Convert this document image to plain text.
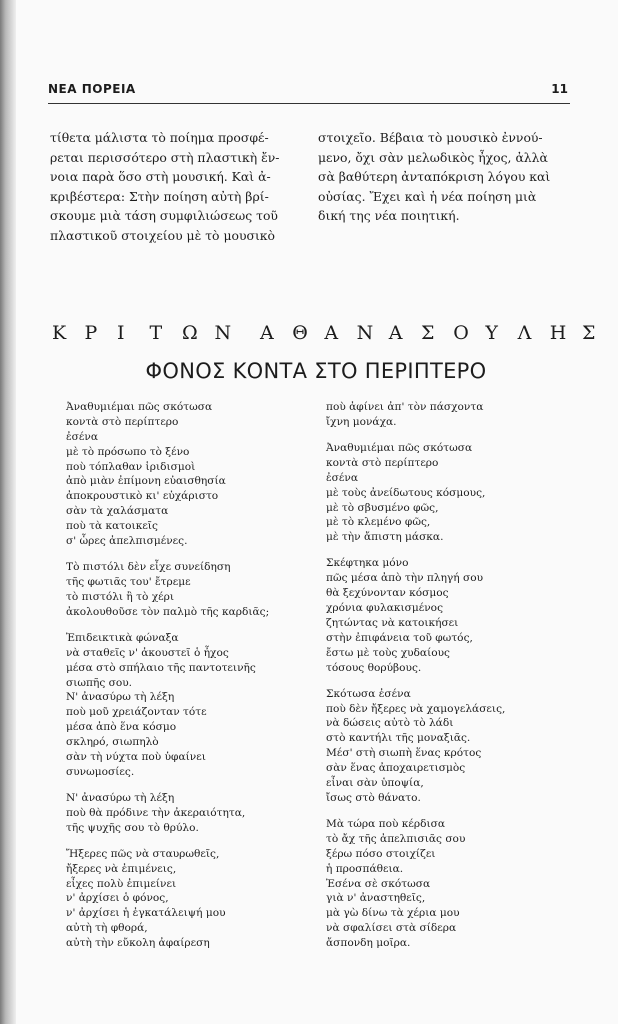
ΝΕΑ ΠΟΡΕΙΑ	11
τίθετα μάλιστα τὸ ποίημα προσφέ-
ρεται περισσότερο στὴ πλαστικὴ ἔν-
νοια παρὰ ὅσο στὴ μουσική. Καὶ ἀ-
κριβέστερα: Στὴν ποίηση αὐτὴ βρί-
σκουμε μιὰ τάση συμφιλιώσεως τοῦ
πλαστικοῦ στοιχείου μὲ τὸ μουσικὸ
στοιχεῖο. Βέβαια τὸ μουσικὸ ἐννού-
μενο, ὄχι σὰν μελωδικὸς ἦχος, ἀλλὰ
σὰ βαθύτερη ἀνταπόκριση λόγου καὶ
οὐσίας. Ἔχει καὶ ἡ νέα ποίηση μιὰ
δική της νέα ποιητική.
Κ Ρ Ι Τ Ω Ν Α Θ Α Ν Α Σ Ο Υ Λ Η Σ
ΦΟΝΟΣ ΚΟΝΤΑ ΣΤΟ ΠΕΡΙΠΤΕΡΟ
Ἀναθυμιέμαι πῶς σκότωσα
κοντὰ στὸ περίπτερο
ἐσένα
μὲ τὸ πρόσωπο τὸ ξένο
ποὺ τόπλαθαν ἱριδισμοὶ
ἀπὸ μιὰν ἐπίμονη εὐαισθησία
ἀποκρουστικὸ κι' εὐχάριστο
σὰν τὰ χαλάσματα
ποὺ τὰ κατοικεῖς
σ' ὧρες ἀπελπισμένες.
Τὸ πιστόλι δὲν εἶχε συνείδηση
τῆς φωτιᾶς του' ἔτρεμε
τὸ πιστόλι ἢ τὸ χέρι
ἀκολουθοῦσε τὸν παλμὸ τῆς καρδιᾶς;
Ἐπιδεικτικὰ φώναξα
νὰ σταθεῖς ν' ἀκουστεῖ ὁ ἦχος
μέσα στὸ σπήλαιο τῆς παντοτεινῆς
σιωπῆς σου.
Ν' ἀνασύρω τὴ λέξη
ποὺ μοῦ χρειάζονταν τότε
μέσα ἀπὸ ἕνα κόσμο
σκληρό, σιωπηλὸ
σὰν τὴ νύχτα ποὺ ὑφαίνει
συνωμοσίες.
Ν' ἀνασύρω τὴ λέξη
ποὺ θὰ πρόδινε τὴν ἀκεραιότητα,
τῆς ψυχῆς σου τὸ θρύλο.
Ἤξερες πῶς νὰ σταυρωθεῖς,
ἤξερες νὰ ἐπιμένεις,
εἶχες πολὺ ἐπιμείνει
ν' ἀρχίσει ὁ φόνος,
ν' ἀρχίσει ἡ ἐγκατάλειψή μου
αὐτὴ τὴ φθορά,
αὐτὴ τὴν εὔκολη ἀφαίρεση
ποὺ ἀφίνει ἀπ' τὸν πάσχοντα
ἴχνη μονάχα.
Ἀναθυμιέμαι πῶς σκότωσα
κοντὰ στὸ περίπτερο
ἐσένα
μὲ τοὺς ἀνείδωτους κόσμους,
μὲ τὸ σβυσμένο φῶς,
μὲ τὸ κλεμένο φῶς,
μὲ τὴν ἄπιστη μάσκα.
Σκέφτηκα μόνο
πῶς μέσα ἀπὸ τὴν πληγή σου
θὰ ξεχύνονταν κόσμος
χρόνια φυλακισμένος
ζητώντας νὰ κατοικήσει
στὴν ἐπιφάνεια τοῦ φωτός,
ἔστω μὲ τοὺς χυδαίους
τόσους θορύβους.
Σκότωσα ἐσένα
ποὺ δὲν ἤξερες νὰ χαμογελάσεις,
νὰ δώσεις αὐτὸ τὸ λάδι
στὸ καντήλι τῆς μοναξιᾶς.
Μέσ' στὴ σιωπὴ ἕνας κρότος
σὰν ἕνας ἀποχαιρετισμὸς
εἶναι σὰν ὑποψία,
ἴσως στὸ θάνατο.
Μὰ τώρα ποὺ κέρδισα
τὸ ἄχ τῆς ἀπελπισιᾶς σου
ξέρω πόσο στοιχίζει
ἡ προσπάθεια.
Ἐσένα σὲ σκότωσα
γιὰ ν' ἀναστηθεῖς,
μὰ γὼ δίνω τὰ χέρια μου
νὰ σφαλίσει στὰ σίδερα
ἄσπονδη μοῖρα.
